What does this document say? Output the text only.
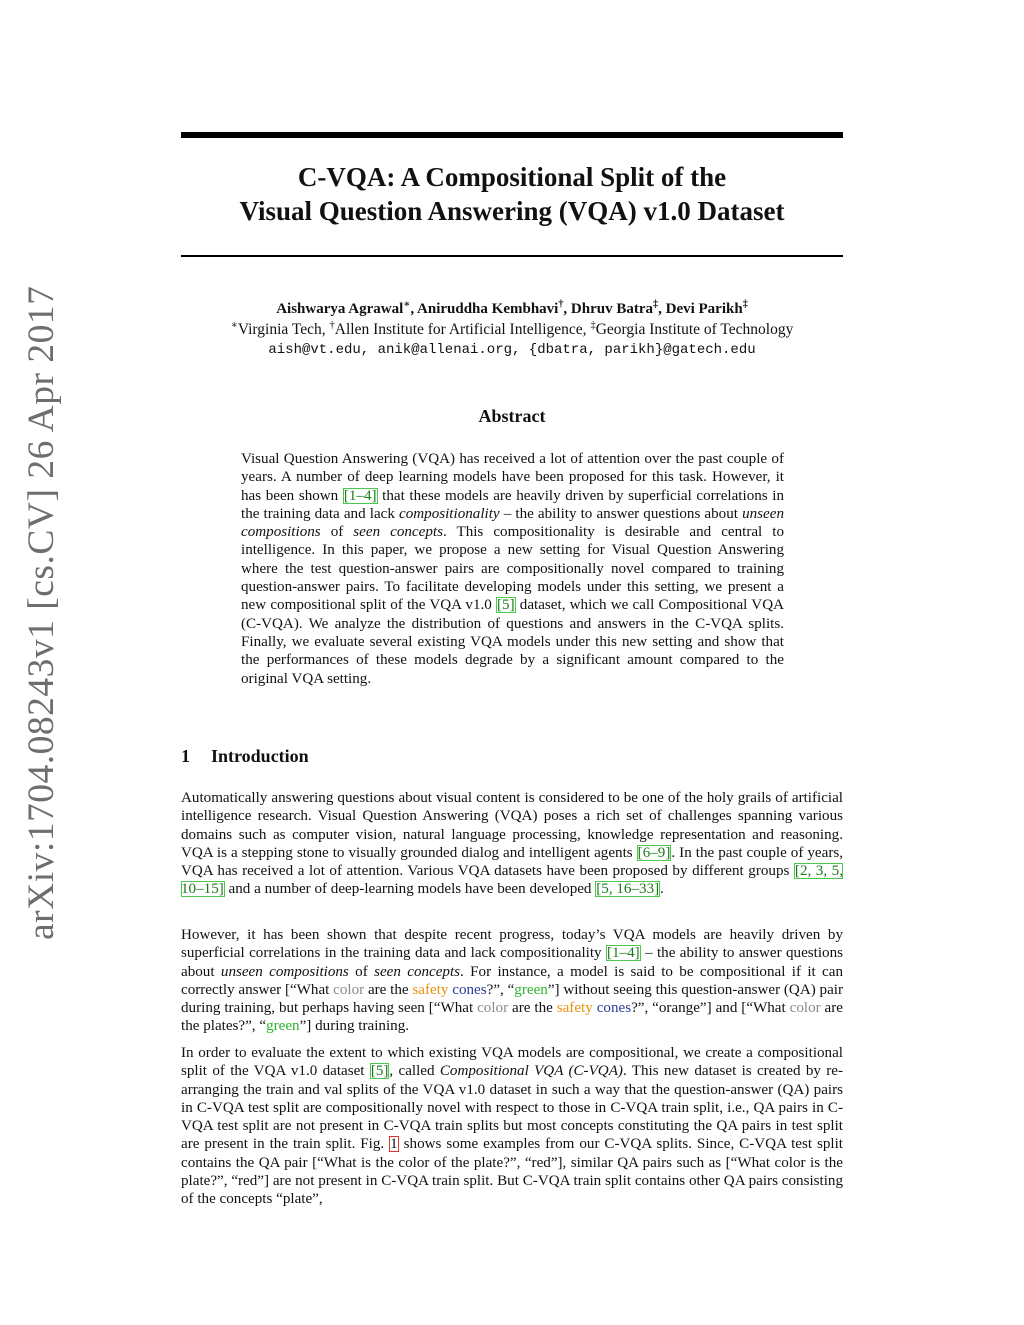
arXiv:1704.08243v1 [cs.CV] 26 Apr 2017
C-VQA: A Compositional Split of the
Visual Question Answering (VQA) v1.0 Dataset
Aishwarya Agrawal∗, Aniruddha Kembhavi†, Dhruv Batra‡, Devi Parikh‡
∗Virginia Tech, †Allen Institute for Artificial Intelligence, ‡Georgia Institute of Technology
aish@vt.edu, anik@allenai.org, {dbatra, parikh}@gatech.edu
Abstract
Visual Question Answering (VQA) has received a lot of attention over the past couple of years. A number of deep learning models have been proposed for this task. However, it has been shown [1–4] that these models are heavily driven by superficial correlations in the training data and lack compositionality – the ability to answer questions about unseen compositions of seen concepts. This compositionality is desirable and central to intelligence. In this paper, we propose a new setting for Visual Question Answering where the test question-answer pairs are compositionally novel compared to training question-answer pairs. To facilitate developing models under this setting, we present a new compositional split of the VQA v1.0 [5] dataset, which we call Compositional VQA (C-VQA). We analyze the distribution of questions and answers in the C-VQA splits. Finally, we evaluate several existing VQA models under this new setting and show that the performances of these models degrade by a significant amount compared to the original VQA setting.
1 Introduction
Automatically answering questions about visual content is considered to be one of the holy grails of artificial intelligence research. Visual Question Answering (VQA) poses a rich set of challenges spanning various domains such as computer vision, natural language processing, knowledge representation and reasoning. VQA is a stepping stone to visually grounded dialog and intelligent agents [6–9]. In the past couple of years, VQA has received a lot of attention. Various VQA datasets have been proposed by different groups [2, 3, 5, 10–15] and a number of deep-learning models have been developed [5, 16–33].
However, it has been shown that despite recent progress, today’s VQA models are heavily driven by superficial correlations in the training data and lack compositionality [1–4] – the ability to answer questions about unseen compositions of seen concepts. For instance, a model is said to be compositional if it can correctly answer [“What color are the safety cones?”, “green”] without seeing this question-answer (QA) pair during training, but perhaps having seen [“What color are the safety cones?”, “orange”] and [“What color are the plates?”, “green”] during training.
In order to evaluate the extent to which existing VQA models are compositional, we create a compositional split of the VQA v1.0 dataset [5], called Compositional VQA (C-VQA). This new dataset is created by re-arranging the train and val splits of the VQA v1.0 dataset in such a way that the question-answer (QA) pairs in C-VQA test split are compositionally novel with respect to those in C-VQA train split, i.e., QA pairs in C-VQA test split are not present in C-VQA train splits but most concepts constituting the QA pairs in test split are present in the train split. Fig. 1 shows some examples from our C-VQA splits. Since, C-VQA test split contains the QA pair [“What is the color of the plate?”, “red”], similar QA pairs such as [“What color is the plate?”, “red”] are not present in C-VQA train split. But C-VQA train split contains other QA pairs consisting of the concepts “plate”,
